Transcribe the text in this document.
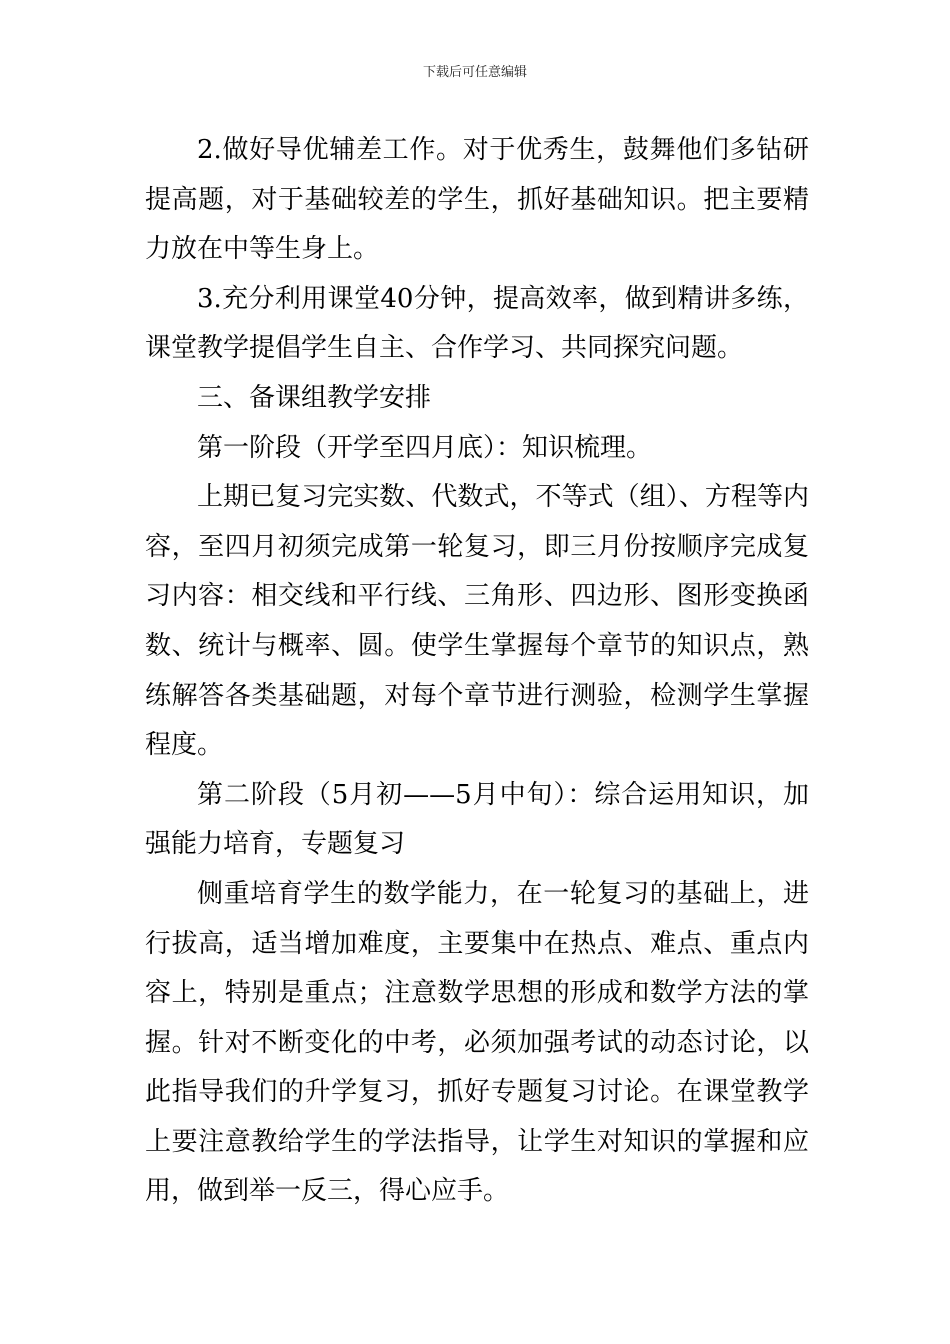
下载后可任意编辑

2.做好导优辅差工作。对于优秀生，鼓舞他们多钻研提高题，对于基础较差的学生，抓好基础知识。把主要精力放在中等生身上。

3.充分利用课堂40分钟，提高效率，做到精讲多练，课堂教学提倡学生自主、合作学习、共同探究问题。

三、备课组教学安排

第一阶段（开学至四月底）：知识梳理。

上期已复习完实数、代数式，不等式（组）、方程等内容，至四月初须完成第一轮复习，即三月份按顺序完成复习内容：相交线和平行线、三角形、四边形、图形变换函数、统计与概率、圆。使学生掌握每个章节的知识点，熟练解答各类基础题，对每个章节进行测验，检测学生掌握程度。

第二阶段（5月初——5月中旬）：综合运用知识，加强能力培育，专题复习

侧重培育学生的数学能力，在一轮复习的基础上，进行拔高，适当增加难度，主要集中在热点、难点、重点内容上，特别是重点；注意数学思想的形成和数学方法的掌握。针对不断变化的中考，必须加强考试的动态讨论，以此指导我们的升学复习，抓好专题复习讨论。在课堂教学上要注意教给学生的学法指导，让学生对知识的掌握和应用，做到举一反三，得心应手。
